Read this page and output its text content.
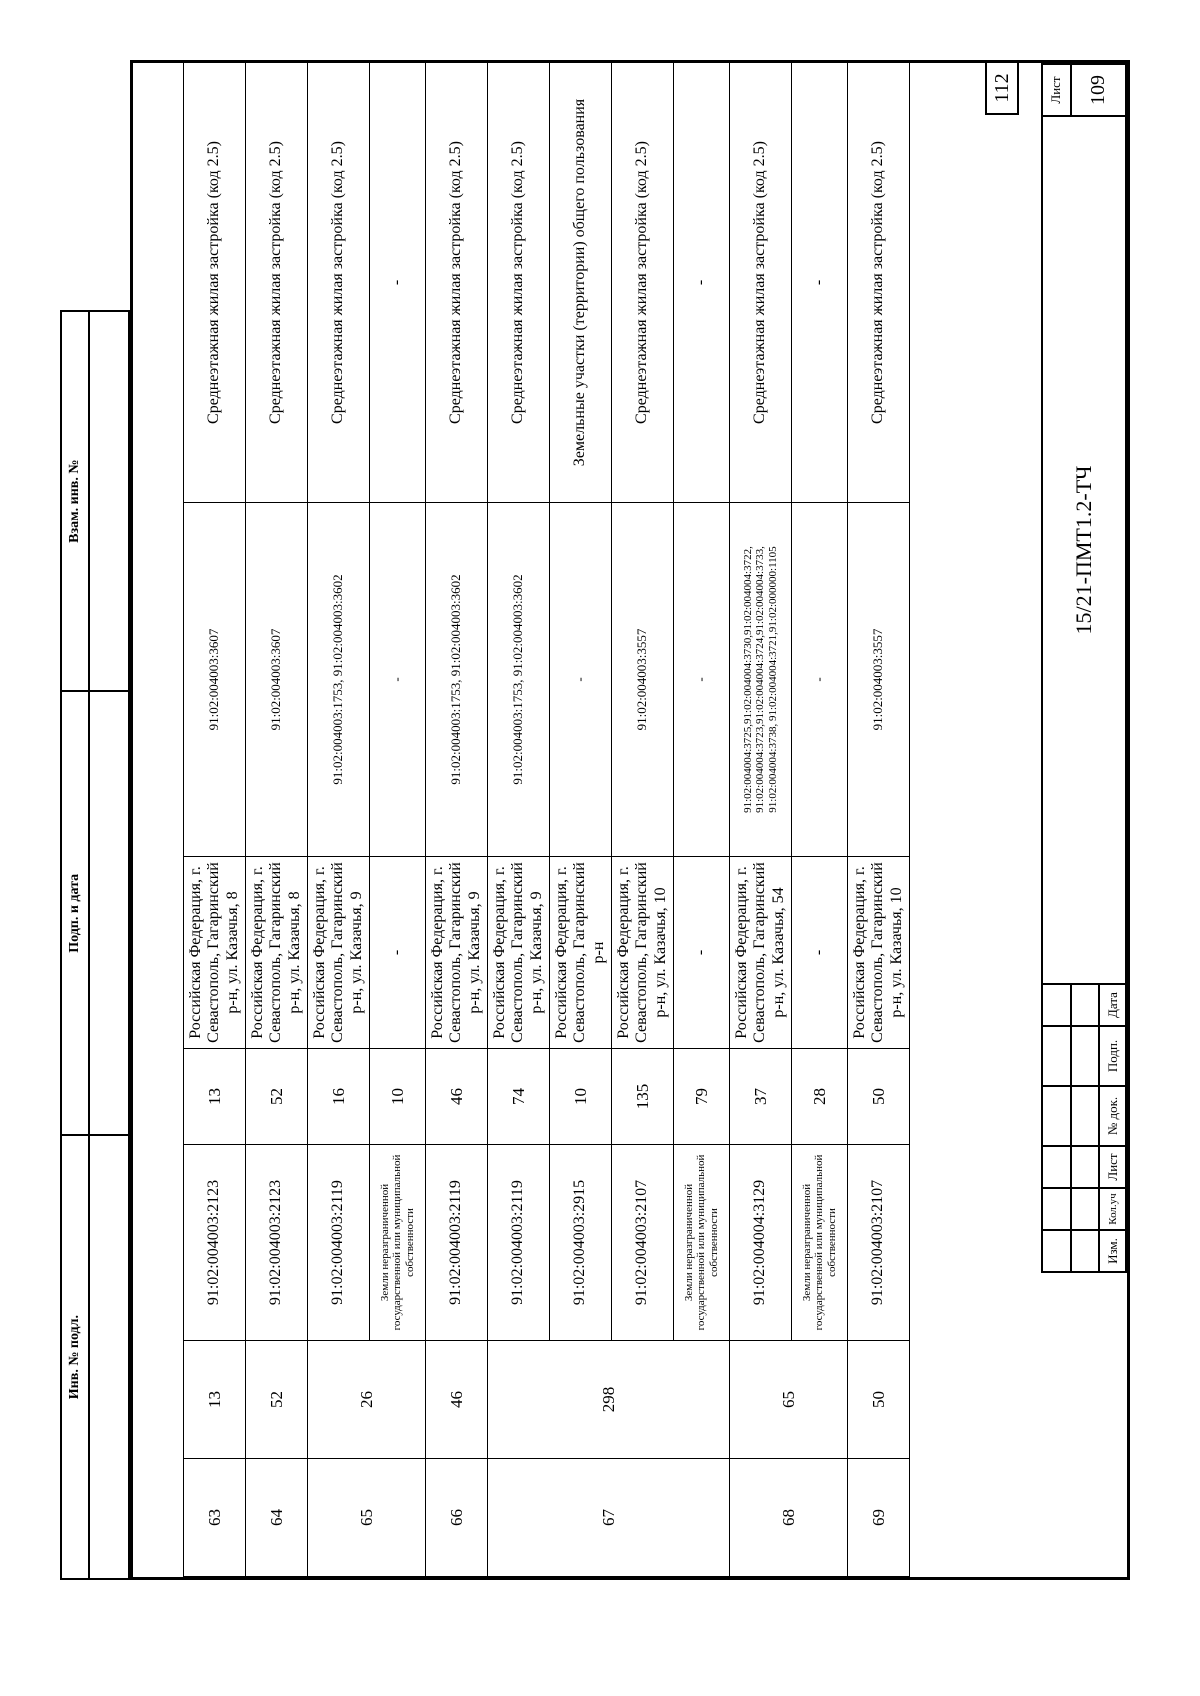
Инв. № подл.	Подп. и дата	Взам. инв. №

63	13	91:02:004003:2123	13	Российская Федерация, г. Севастополь, Гагаринский р-н, ул. Казачья, 8	91:02:004003:3607	Среднеэтажная жилая застройка (код 2.5)
64	52	91:02:004003:2123	52	Российская Федерация, г. Севастополь, Гагаринский р-н, ул. Казачья, 8	91:02:004003:3607	Среднеэтажная жилая застройка (код 2.5)
65	26	91:02:004003:2119	16	Российская Федерация, г. Севастополь, Гагаринский р-н, ул. Казачья, 9	91:02:004003:1753, 91:02:004003:3602	Среднеэтажная жилая застройка (код 2.5)
		Земли неразграниченной государственной или муниципальной собственности	10	-	-	-
66	46	91:02:004003:2119	46	Российская Федерация, г. Севастополь, Гагаринский р-н, ул. Казачья, 9	91:02:004003:1753, 91:02:004003:3602	Среднеэтажная жилая застройка (код 2.5)
67	298	91:02:004003:2119	74	Российская Федерация, г. Севастополь, Гагаринский р-н, ул. Казачья, 9	91:02:004003:1753, 91:02:004003:3602	Среднеэтажная жилая застройка (код 2.5)
		91:02:004003:2915	10	Российская Федерация, г. Севастополь, Гагаринский р-н	-	Земельные участки (территории) общего пользования
		91:02:004003:2107	135	Российская Федерация, г. Севастополь, Гагаринский р-н, ул. Казачья, 10	91:02:004003:3557	Среднеэтажная жилая застройка (код 2.5)
		Земли неразграниченной государственной или муниципальной собственности	79	-	-	-
68	65	91:02:004004:3129	37	Российская Федерация, г. Севастополь, Гагаринский р-н, ул. Казачья, 54	91:02:004004:3725,91:02:004004:3730,91:02:004004:3722, 91:02:004004:3723,91:02:004004:3724,91:02:004004:3733, 91:02:004004:3738, 91:02:004004:3721,91:02:000000:1105	Среднеэтажная жилая застройка (код 2.5)
		Земли неразграниченной государственной или муниципальной собственности	28	-	-	-
69	50	91:02:004003:2107	50	Российская Федерация, г. Севастополь, Гагаринский р-н, ул. Казачья, 10	91:02:004003:3557	Среднеэтажная жилая застройка (код 2.5)
112
						15/21-ПМТ1.2-ТЧ	Лист
							109
Изм.	Кол.уч	Лист	№ док.	Подп.	Дата		
